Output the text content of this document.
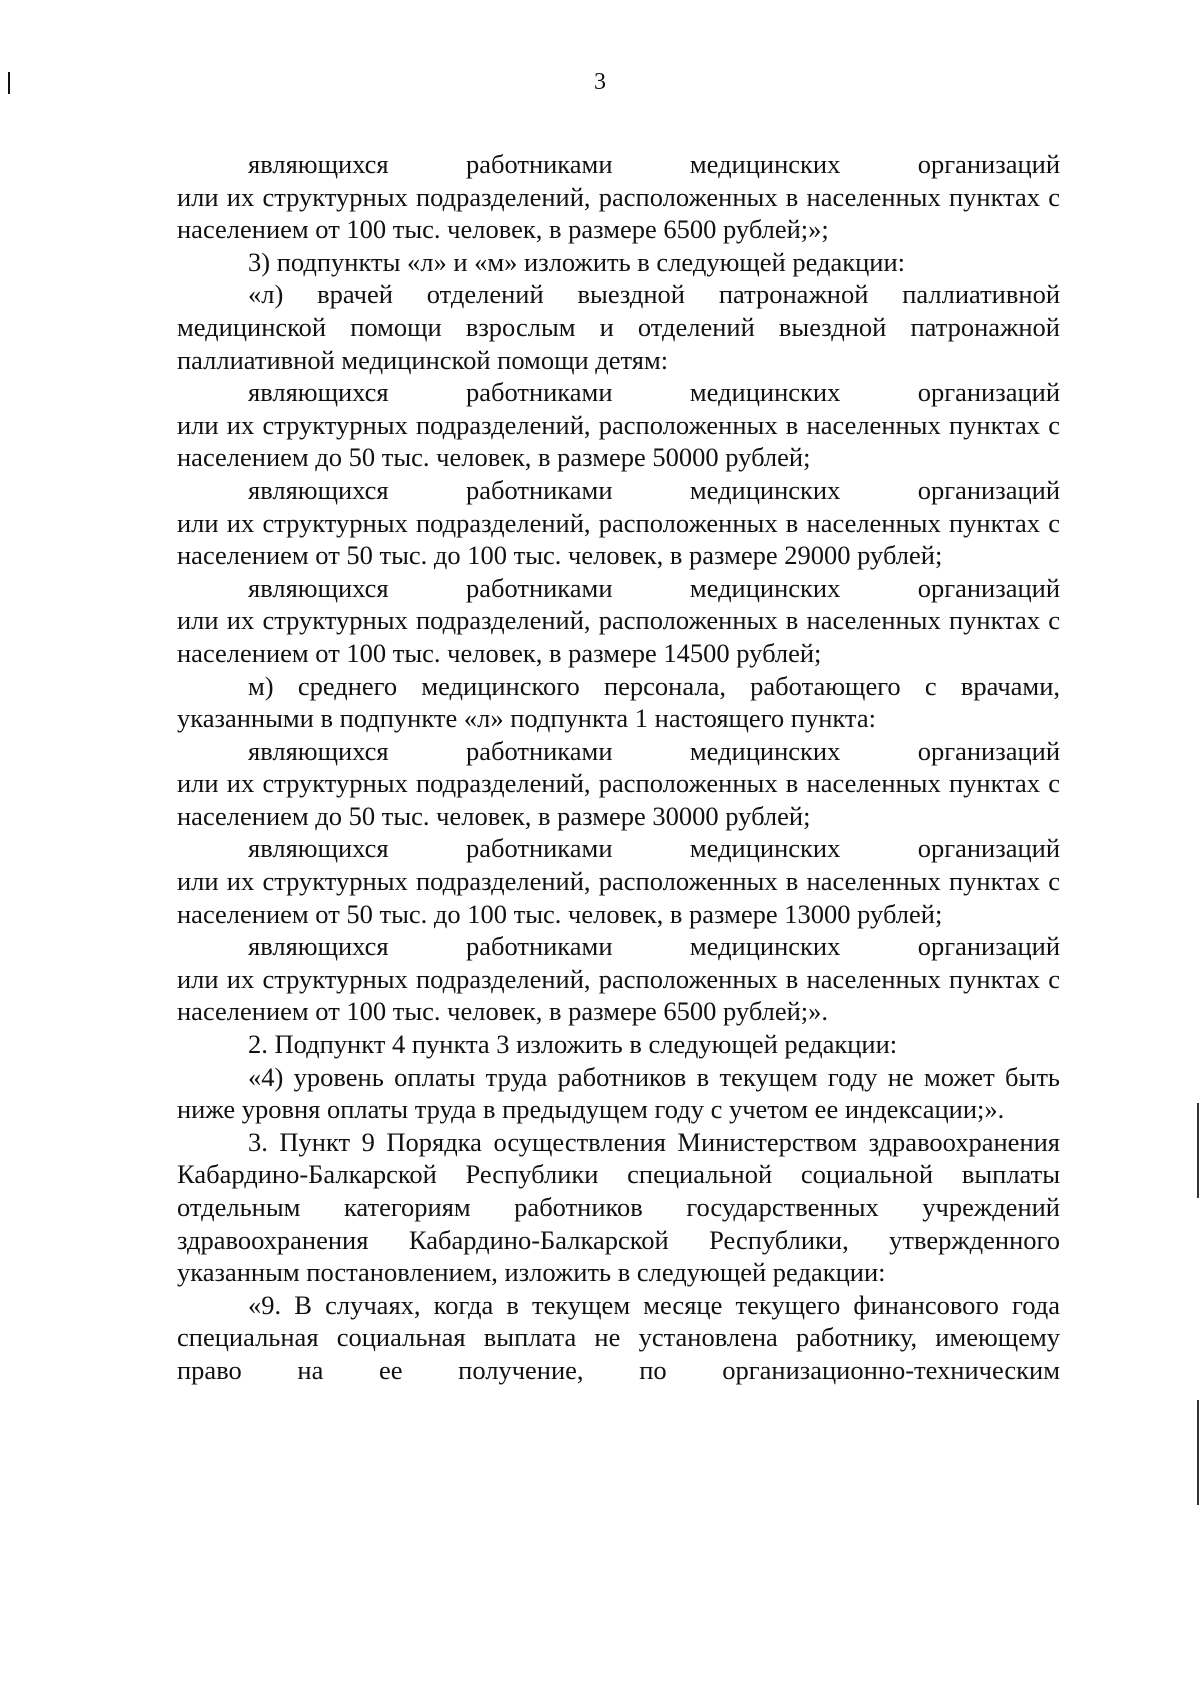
3

являющихся работниками медицинских организаций

или их структурных подразделений, расположенных в населенных пунктах с населением от 100 тыс. человек, в размере 6500 рублей;»;

3) подпункты «л» и «м» изложить в следующей редакции:

«л) врачей отделений выездной патронажной паллиативной медицинской помощи взрослым и отделений выездной патронажной паллиативной медицинской помощи детям:

являющихся работниками медицинских организаций

или их структурных подразделений, расположенных в населенных пунктах с населением до 50 тыс. человек, в размере 50000 рублей;

являющихся работниками медицинских организаций

или их структурных подразделений, расположенных в населенных пунктах с населением от 50 тыс. до 100 тыс. человек, в размере 29000 рублей;

являющихся работниками медицинских организаций

или их структурных подразделений, расположенных в населенных пунктах с населением от 100 тыс. человек, в размере 14500 рублей;

м) среднего медицинского персонала, работающего с врачами, указанными в подпункте «л» подпункта 1 настоящего пункта:

являющихся работниками медицинских организаций

или их структурных подразделений, расположенных в населенных пунктах с населением до 50 тыс. человек, в размере 30000 рублей;

являющихся работниками медицинских организаций

или их структурных подразделений, расположенных в населенных пунктах с населением от 50 тыс. до 100 тыс. человек, в размере 13000 рублей;

являющихся работниками медицинских организаций

или их структурных подразделений, расположенных в населенных пунктах с населением от 100 тыс. человек, в размере 6500 рублей;».

2. Подпункт 4 пункта 3 изложить в следующей редакции:

«4) уровень оплаты труда работников в текущем году не может быть ниже уровня оплаты труда в предыдущем году с учетом ее индексации;».

3. Пункт 9 Порядка осуществления Министерством здравоохранения Кабардино-Балкарской Республики специальной социальной выплаты отдельным категориям работников государственных учреждений здравоохранения Кабардино-Балкарской Республики, утвержденного указанным постановлением, изложить в следующей редакции:

«9. В случаях, когда в текущем месяце текущего финансового года специальная социальная выплата не установлена работнику, имеющему право на ее получение, по организационно-техническим
